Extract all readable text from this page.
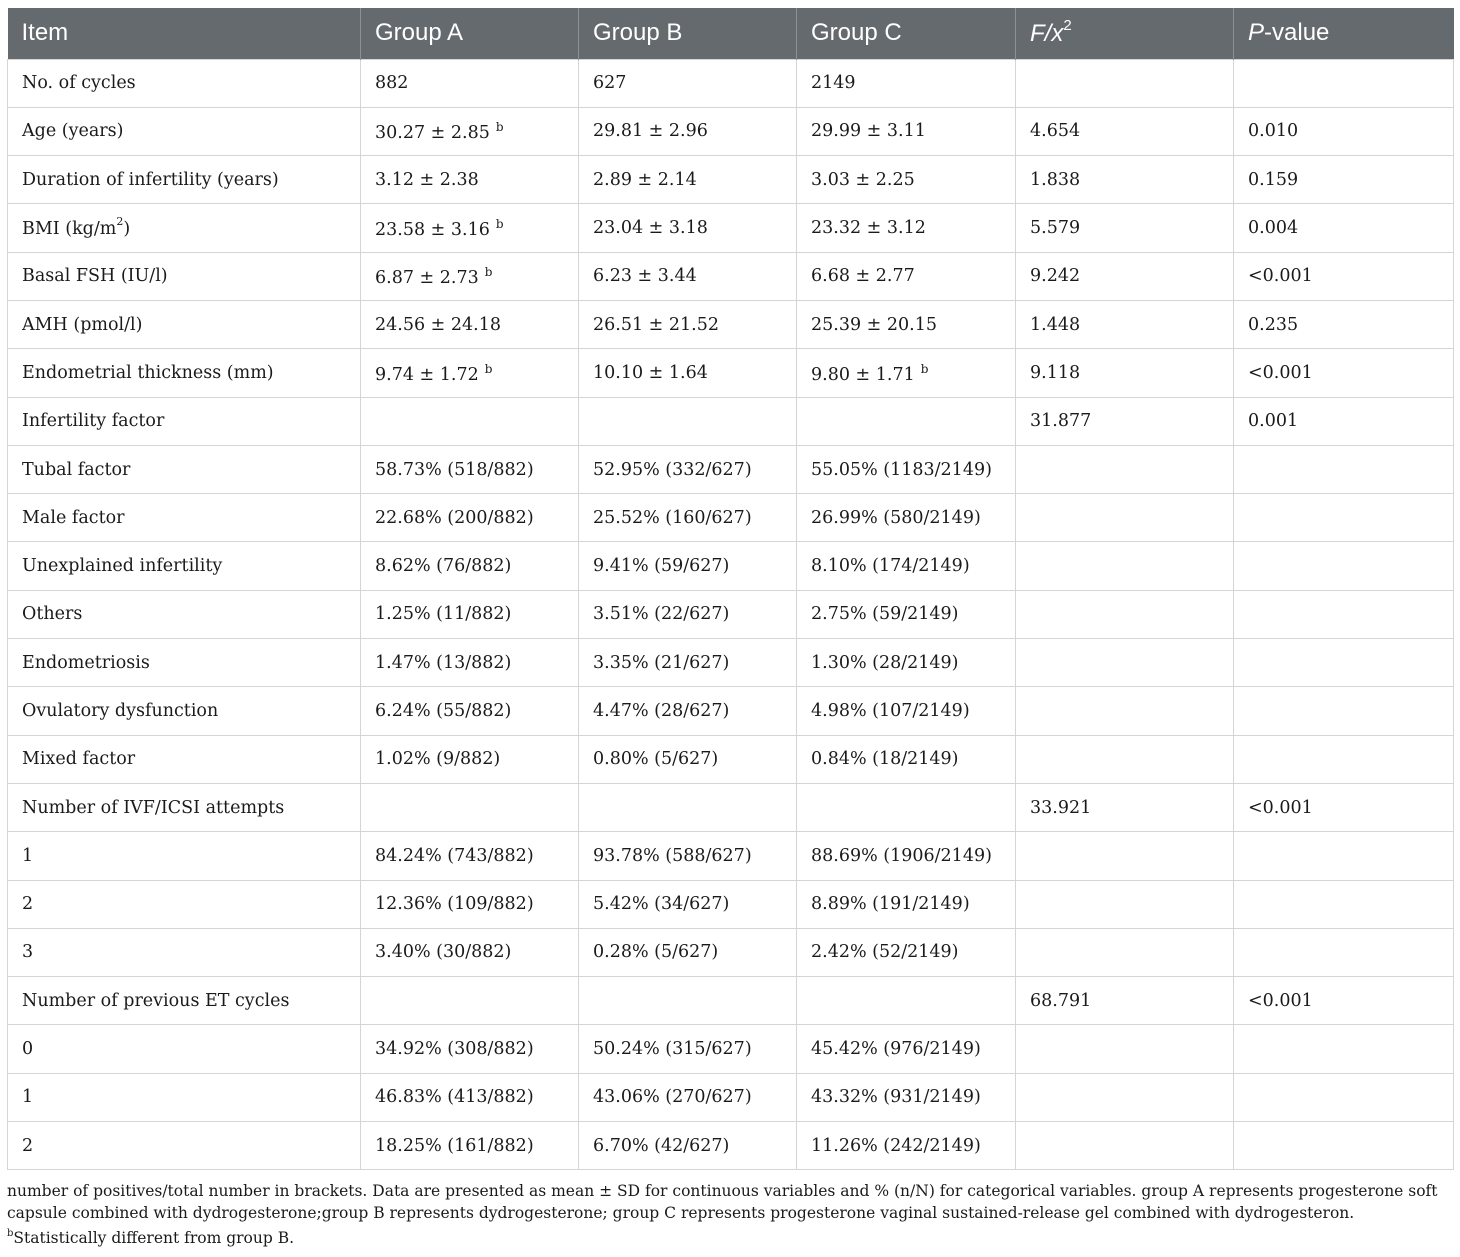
Item	Group A	Group B	Group C	$F/x^2$	P-value
No. of cycles	882	627	2149		
Age (years)	30.27 ± 2.85 $^b$	29.81 ± 2.96	29.99 ± 3.11	4.654	0.010
Duration of infertility (years)	3.12 ± 2.38	2.89 ± 2.14	3.03 ± 2.25	1.838	0.159
BMI $(kg/m^2)$	23.58 ± 3.16 $^b$	23.04 ± 3.18	23.32 ± 3.12	5.579	0.004
Basal FSH (IU/l)	6.87 ± 2.73 $^b$	6.23 ± 3.44	6.68 ± 2.77	9.242	<0.001
AMH (pmol/l)	24.56 ± 24.18	26.51 ± 21.52	25.39 ± 20.15	1.448	0.235
Endometrial thickness (mm)	9.74 ± 1.72 $^b$	10.10 ± 1.64	9.80 ± 1.71 $^b$	9.118	<0.001
Infertility factor				31.877	0.001
Tubal factor	58.73% (518/882)	52.95% (332/627)	55.05% (1183/2149)		
Male factor	22.68% (200/882)	25.52% (160/627)	26.99% (580/2149)		
Unexplained infertility	8.62% (76/882)	9.41% (59/627)	8.10% (174/2149)		
Others	1.25% (11/882)	3.51% (22/627)	2.75% (59/2149)		
Endometriosis	1.47% (13/882)	3.35% (21/627)	1.30% (28/2149)		
Ovulatory dysfunction	6.24% (55/882)	4.47% (28/627)	4.98% (107/2149)		
Mixed factor	1.02% (9/882)	0.80% (5/627)	0.84% (18/2149)		
Number of IVF/ICSI attempts				33.921	<0.001
1	84.24% (743/882)	93.78% (588/627)	88.69% (1906/2149)		
2	12.36% (109/882)	5.42% (34/627)	8.89% (191/2149)		
3	3.40% (30/882)	0.28% (5/627)	2.42% (52/2149)		
Number of previous ET cycles				68.791	<0.001
0	34.92% (308/882)	50.24% (315/627)	45.42% (976/2149)		
1	46.83% (413/882)	43.06% (270/627)	43.32% (931/2149)		
2	18.25% (161/882)	6.70% (42/627)	11.26% (242/2149)		

number of positives/total number in brackets. Data are presented as mean ± SD for continuous variables and % (n/N) for categorical variables. group A represents progesterone soft capsule combined with dydrogesterone;group B represents dydrogesterone; group C represents progesterone vaginal sustained-release gel combined with dydrogesteron.

$^b$Statistically different from group B.
